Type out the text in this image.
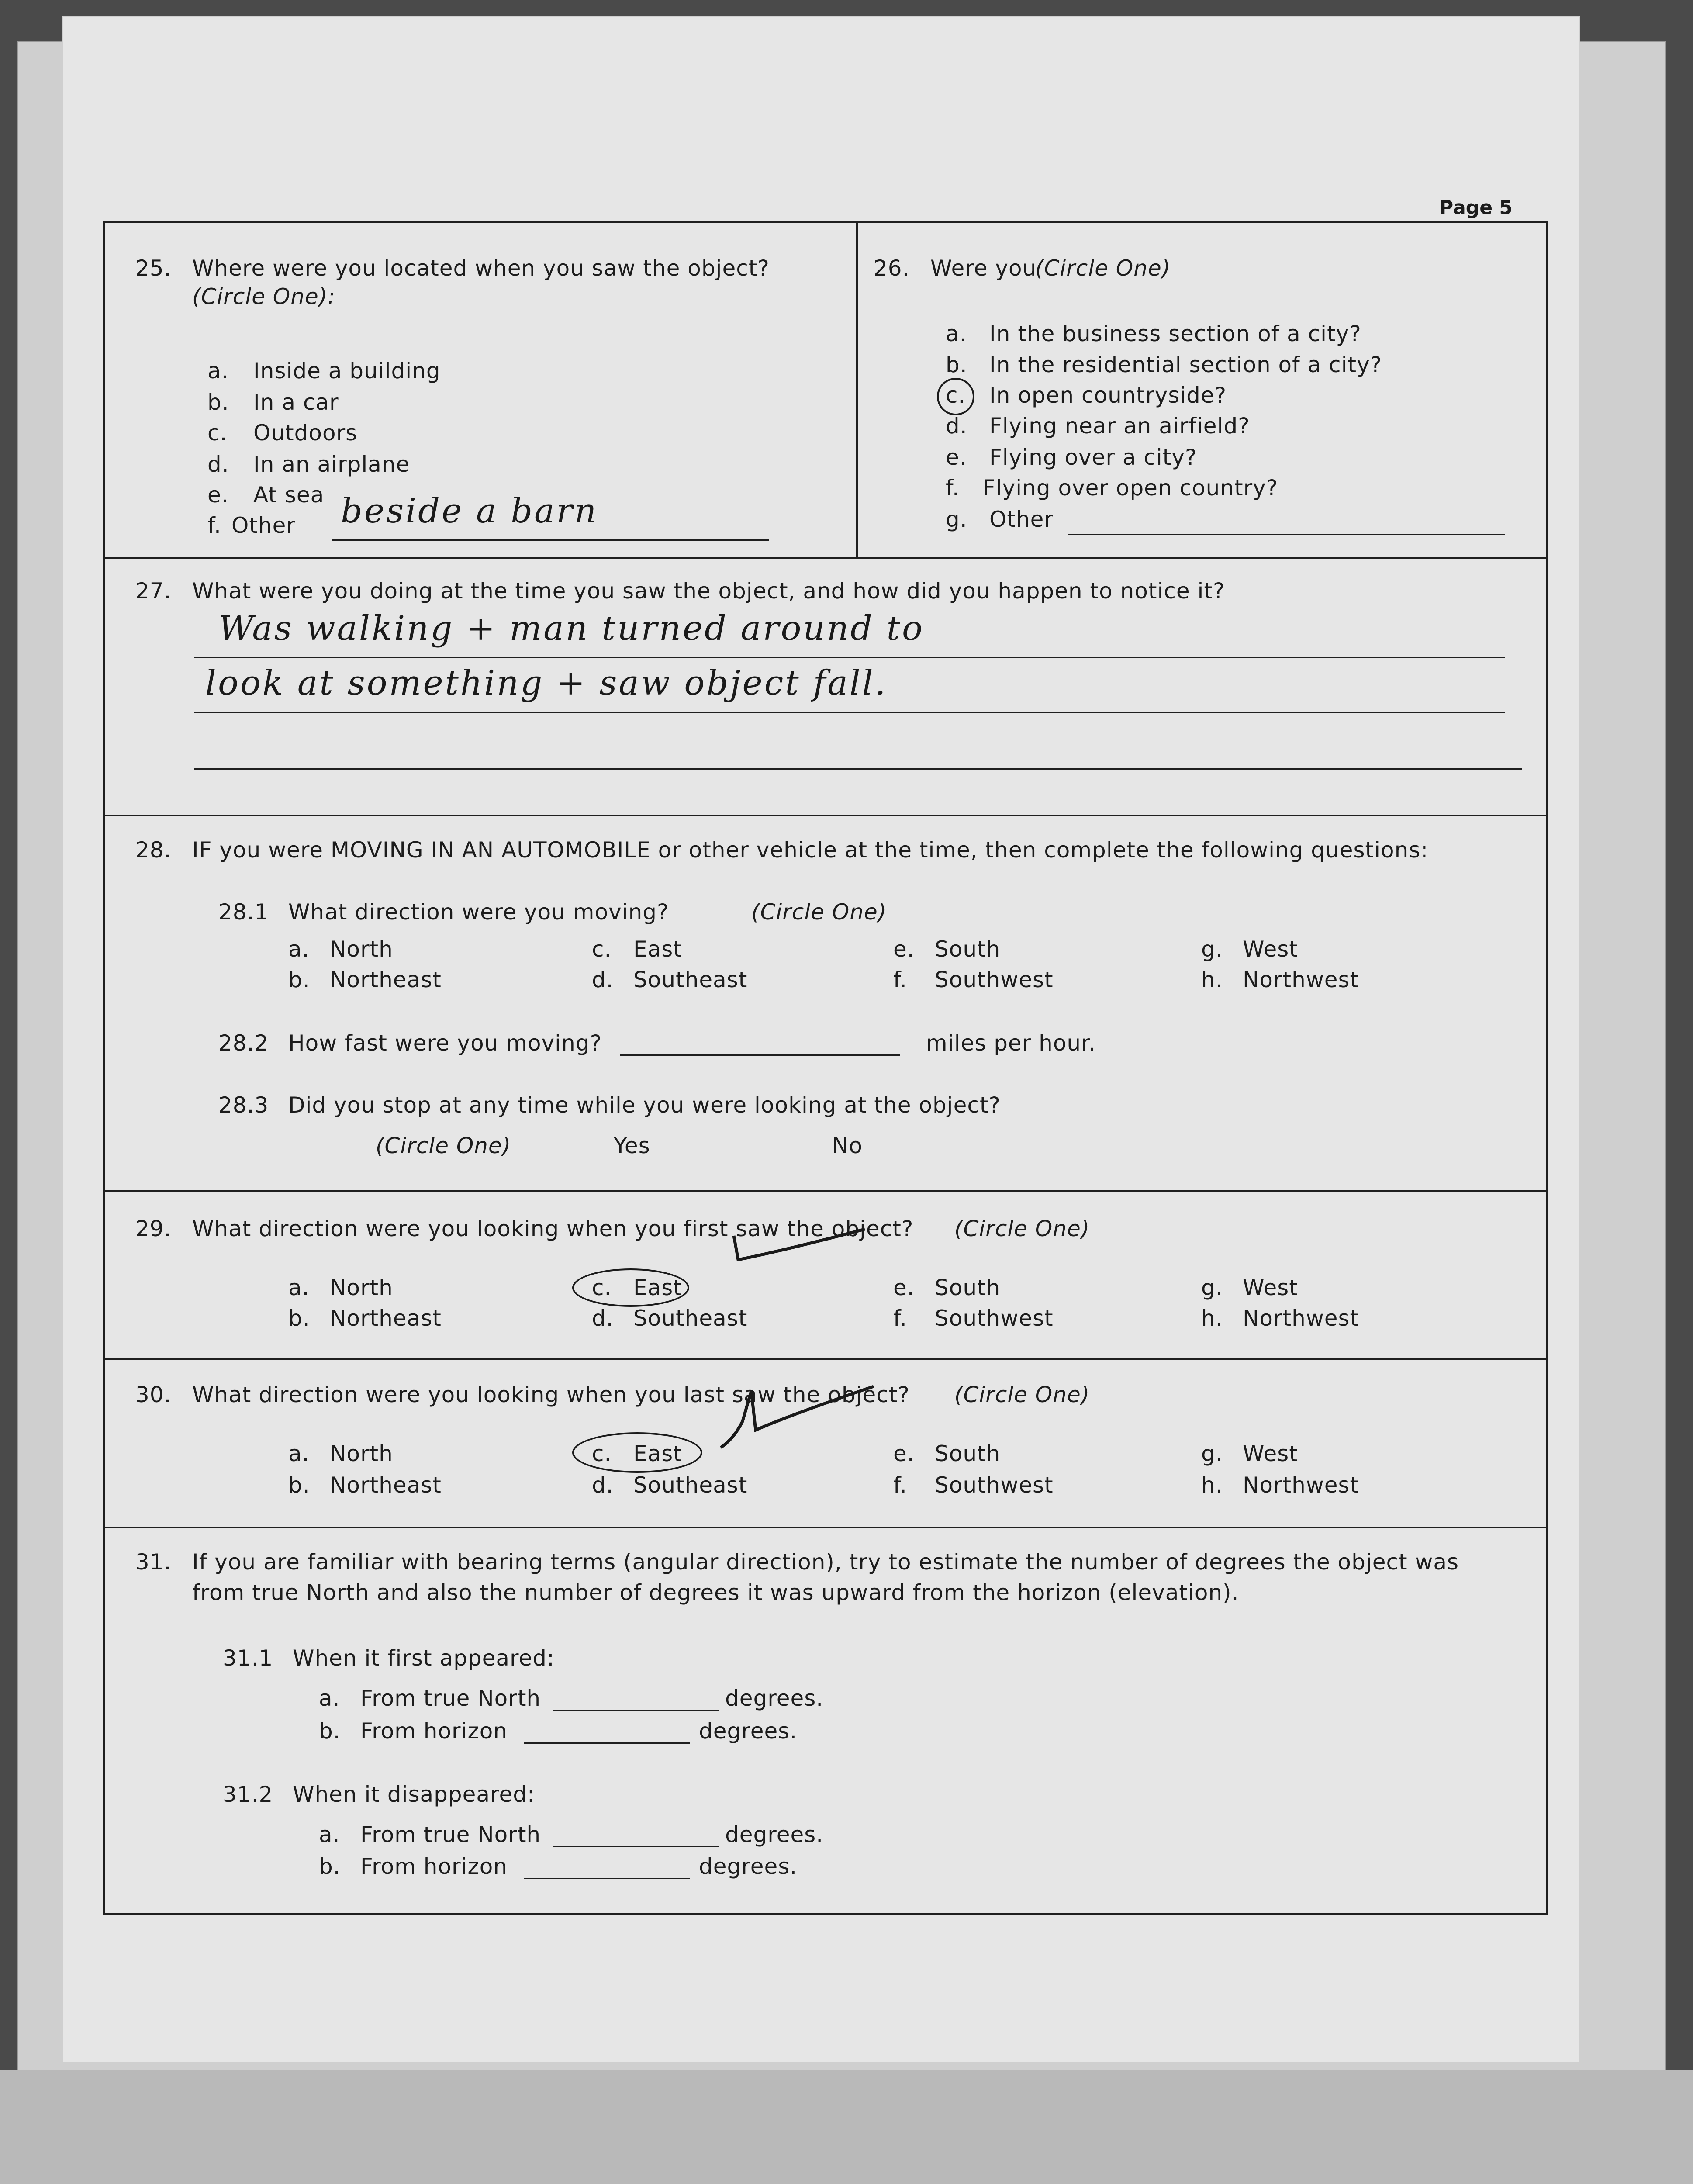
Page 5
25. Where were you located when you saw the object?
(Circle One):
a. Inside a building
b. In a car
c. Outdoors
d. In an airplane
e. At sea
f. Other beside a barn
26. Were you
(Circle One)
a. In the business section of a city?
b. In the residential section of a city?
c. In open countryside?
d. Flying near an airfield?
e. Flying over a city?
f. Flying over open country?
g. Other
27. What were you doing at the time you saw the object, and how did you happen to notice it?
Was walking + man turned around to
look at something + saw object fall.
28. IF you were MOVING IN AN AUTOMOBILE or other vehicle at the time, then complete the following questions:
28.1 What direction were you moving?	(Circle One)
a. North	c. East	e. South	g. West
b. Northeast	d. Southeast	f. Southwest	h. Northwest
28.2 How fast were you moving?	miles per hour.
28.3 Did you stop at any time while you were looking at the object?
(Circle One)	Yes	No
29. What direction were you looking when you first saw the object? (Circle One)
a. North	c. East	e. South	g. West
b. Northeast	d. Southeast	f. Southwest	h. Northwest
30. What direction were you looking when you last saw the object? (Circle One)
a. North	c. East	e. South	g. West
b. Northeast	d. Southeast	f. Southwest	h. Northwest
31. If you are familiar with bearing terms (angular direction), try to estimate the number of degrees the object was
from true North and also the number of degrees it was upward from the horizon (elevation).
31.1 When it first appeared:
a. From true North	degrees.
b. From horizon	degrees.
31.2 When it disappeared:
a. From true North	degrees.
b. From horizon	degrees.
